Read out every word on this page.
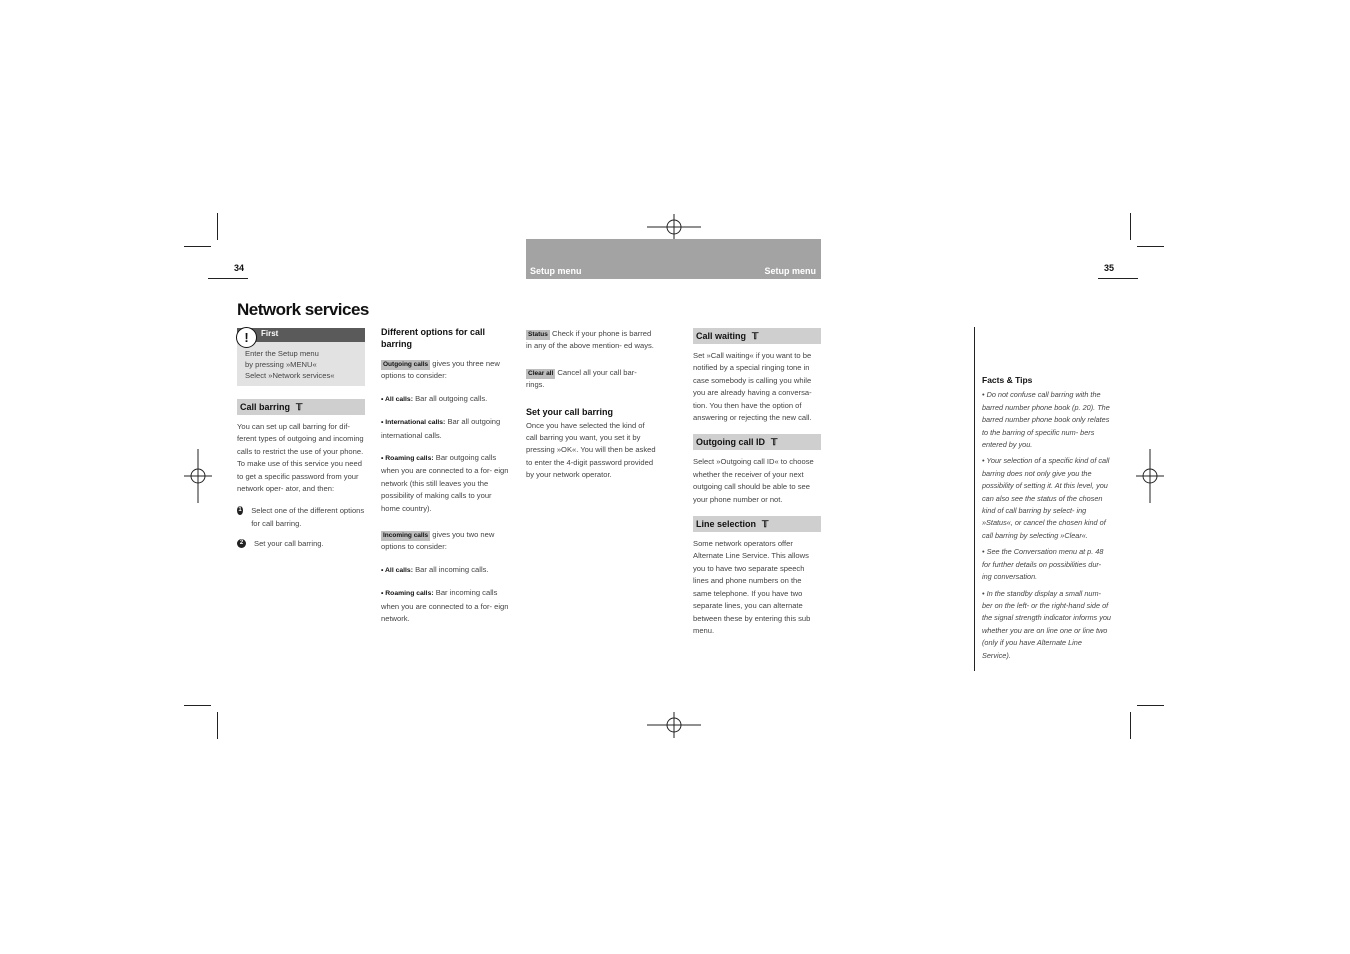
34	35
Setup menu	Setup menu
Network services
First
!
Enter the Setup menu
by pressing »MENU«
Select »Network services«
Call barring 𝕋

You can set up call barring for dif- ferent types of outgoing and incoming calls to restrict the use of your phone. To make use of this service you need to get a specific password from your network oper- ator, and then:

1 Select one of the different options for call barring.
2	Set your call barring.
Different options for call barring

Outgoing calls gives you three new options to consider:

• All calls: Bar all outgoing calls.

• International calls: Bar all outgoing international calls.

• Roaming calls: Bar outgoing calls when you are connected to a for- eign network (this still leaves you the possibility of making calls to your home country).

Incoming calls gives you two new options to consider:

• All calls: Bar all incoming calls.

• Roaming calls: Bar incoming calls when you are connected to a for- eign network.

Status Check if your phone is barred in any of the above mention- ed ways.

Clear all Cancel all your call bar- rings.

Set your call barring

Once you have selected the kind of call barring you want, you set it by pressing »OK«. You will then be asked to enter the 4-digit password provided by your network operator.

Call waiting 𝕋

Set »Call waiting« if you want to be notified by a special ringing tone in case somebody is calling you while you are already having a conversa- tion. You then have the option of answering or rejecting the new call.

Outgoing call ID 𝕋

Select »Outgoing call ID« to choose whether the receiver of your next outgoing call should be able to see your phone number or not.

Line selection 𝕋

Some network operators offer Alternate Line Service. This allows you to have two separate speech lines and phone numbers on the same telephone. If you have two separate lines, you can alternate between these by entering this sub menu.

Facts & Tips

• Do not confuse call barring with the barred number phone book (p. 20). The barred number phone book only relates to the barring of specific num- bers entered by you.

• Your selection of a specific kind of call barring does not only give you the possibility of setting it. At this level, you can also see the status of the chosen kind of call barring by select- ing »Status«, or cancel the chosen kind of call barring by selecting »Clear«.

• See the Conversation menu at p. 48 for further details on possibilities dur- ing conversation.

• In the standby display a small num- ber on the left- or the right-hand side of the signal strength indicator informs you whether you are on line one or line two (only if you have Alternate Line Service).
